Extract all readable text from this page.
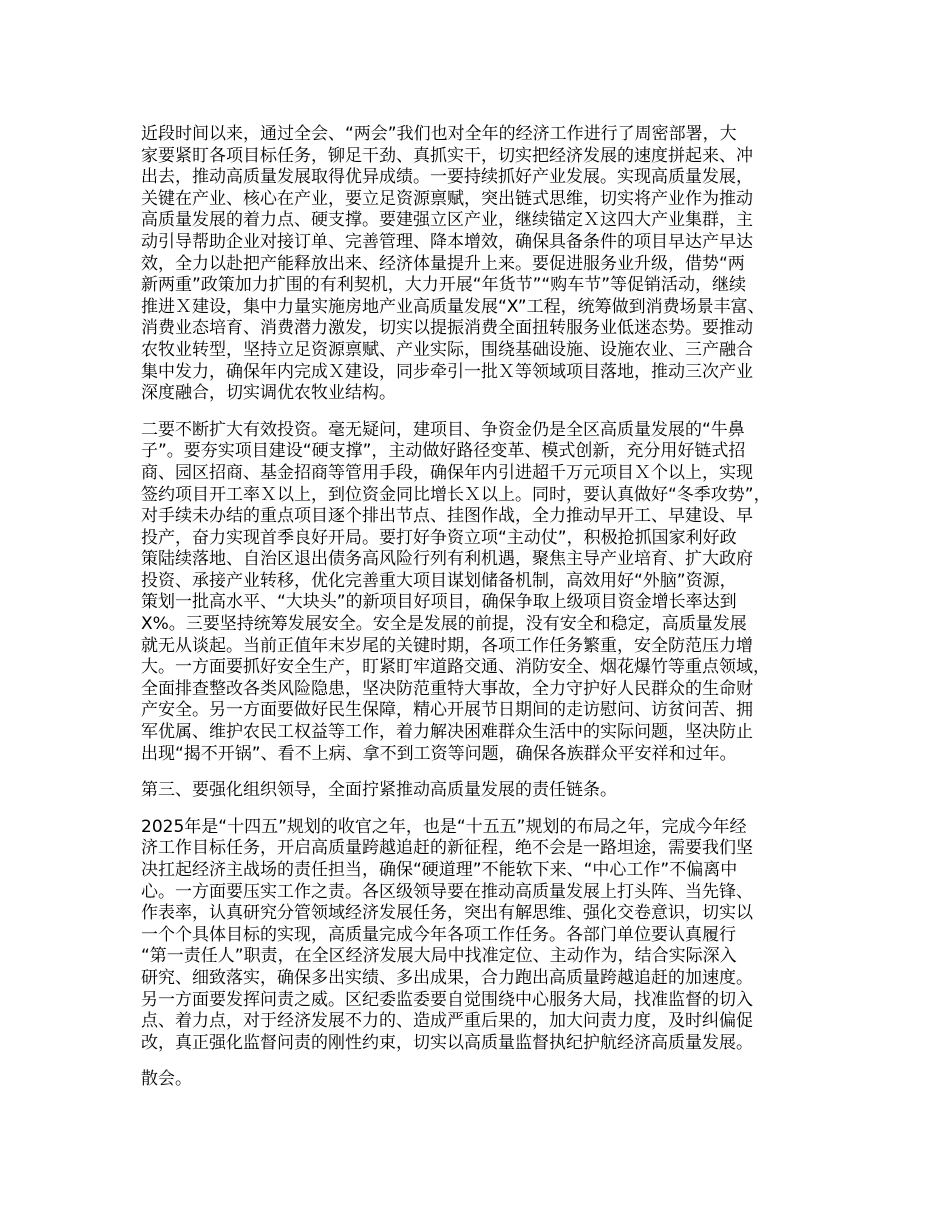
近段时间以来，通过全会、“两会”我们也对全年的经济工作进行了周密部署，大
家要紧盯各项目标任务，铆足干劲、真抓实干，切实把经济发展的速度拼起来、冲
出去，推动高质量发展取得优异成绩。一要持续抓好产业发展。实现高质量发展，
关键在产业、核心在产业，要立足资源禀赋，突出链式思维，切实将产业作为推动
高质量发展的着力点、硬支撑。要建强立区产业，继续锚定Ｘ这四大产业集群，主
动引导帮助企业对接订单、完善管理、降本增效，确保具备条件的项目早达产早达
效，全力以赴把产能释放出来、经济体量提升上来。要促进服务业升级，借势“两
新两重”政策加力扩围的有利契机，大力开展“年货节”“购车节”等促销活动，继续
推进Ｘ建设，集中力量实施房地产业高质量发展“X”工程，统筹做到消费场景丰富、
消费业态培育、消费潜力激发，切实以提振消费全面扭转服务业低迷态势。要推动
农牧业转型，坚持立足资源禀赋、产业实际，围绕基础设施、设施农业、三产融合
集中发力，确保年内完成Ｘ建设，同步牵引一批Ｘ等领域项目落地，推动三次产业
深度融合，切实调优农牧业结构。

二要不断扩大有效投资。毫无疑问，建项目、争资金仍是全区高质量发展的“牛鼻
子”。要夯实项目建设“硬支撑”，主动做好路径变革、模式创新，充分用好链式招
商、园区招商、基金招商等管用手段，确保年内引进超千万元项目Ｘ个以上，实现
签约项目开工率Ｘ以上，到位资金同比增长Ｘ以上。同时，要认真做好“冬季攻势”，
对手续未办结的重点项目逐个排出节点、挂图作战，全力推动早开工、早建设、早
投产，奋力实现首季良好开局。要打好争资立项“主动仗”，积极抢抓国家利好政
策陆续落地、自治区退出债务高风险行列有利机遇，聚焦主导产业培育、扩大政府
投资、承接产业转移，优化完善重大项目谋划储备机制，高效用好“外脑”资源，
策划一批高水平、“大块头”的新项目好项目，确保争取上级项目资金增长率达到
X%。三要坚持统筹发展安全。安全是发展的前提，没有安全和稳定，高质量发展
就无从谈起。当前正值年末岁尾的关键时期，各项工作任务繁重，安全防范压力增
大。一方面要抓好安全生产，盯紧盯牢道路交通、消防安全、烟花爆竹等重点领域，
全面排查整改各类风险隐患，坚决防范重特大事故，全力守护好人民群众的生命财
产安全。另一方面要做好民生保障，精心开展节日期间的走访慰问、访贫问苦、拥
军优属、维护农民工权益等工作，着力解决困难群众生活中的实际问题，坚决防止
出现“揭不开锅”、看不上病、拿不到工资等问题，确保各族群众平安祥和过年。

第三、要强化组织领导，全面拧紧推动高质量发展的责任链条。

2025年是“十四五”规划的收官之年，也是“十五五”规划的布局之年，完成今年经
济工作目标任务，开启高质量跨越追赶的新征程，绝不会是一路坦途，需要我们坚
决扛起经济主战场的责任担当，确保“硬道理”不能软下来、“中心工作”不偏离中
心。一方面要压实工作之责。各区级领导要在推动高质量发展上打头阵、当先锋、
作表率，认真研究分管领域经济发展任务，突出有解思维、强化交卷意识，切实以
一个个具体目标的实现，高质量完成今年各项工作任务。各部门单位要认真履行
“第一责任人”职责，在全区经济发展大局中找准定位、主动作为，结合实际深入
研究、细致落实，确保多出实绩、多出成果，合力跑出高质量跨越追赶的加速度。
另一方面要发挥问责之威。区纪委监委要自觉围绕中心服务大局，找准监督的切入
点、着力点，对于经济发展不力的、造成严重后果的，加大问责力度，及时纠偏促
改，真正强化监督问责的刚性约束，切实以高质量监督执纪护航经济高质量发展。

散会。
